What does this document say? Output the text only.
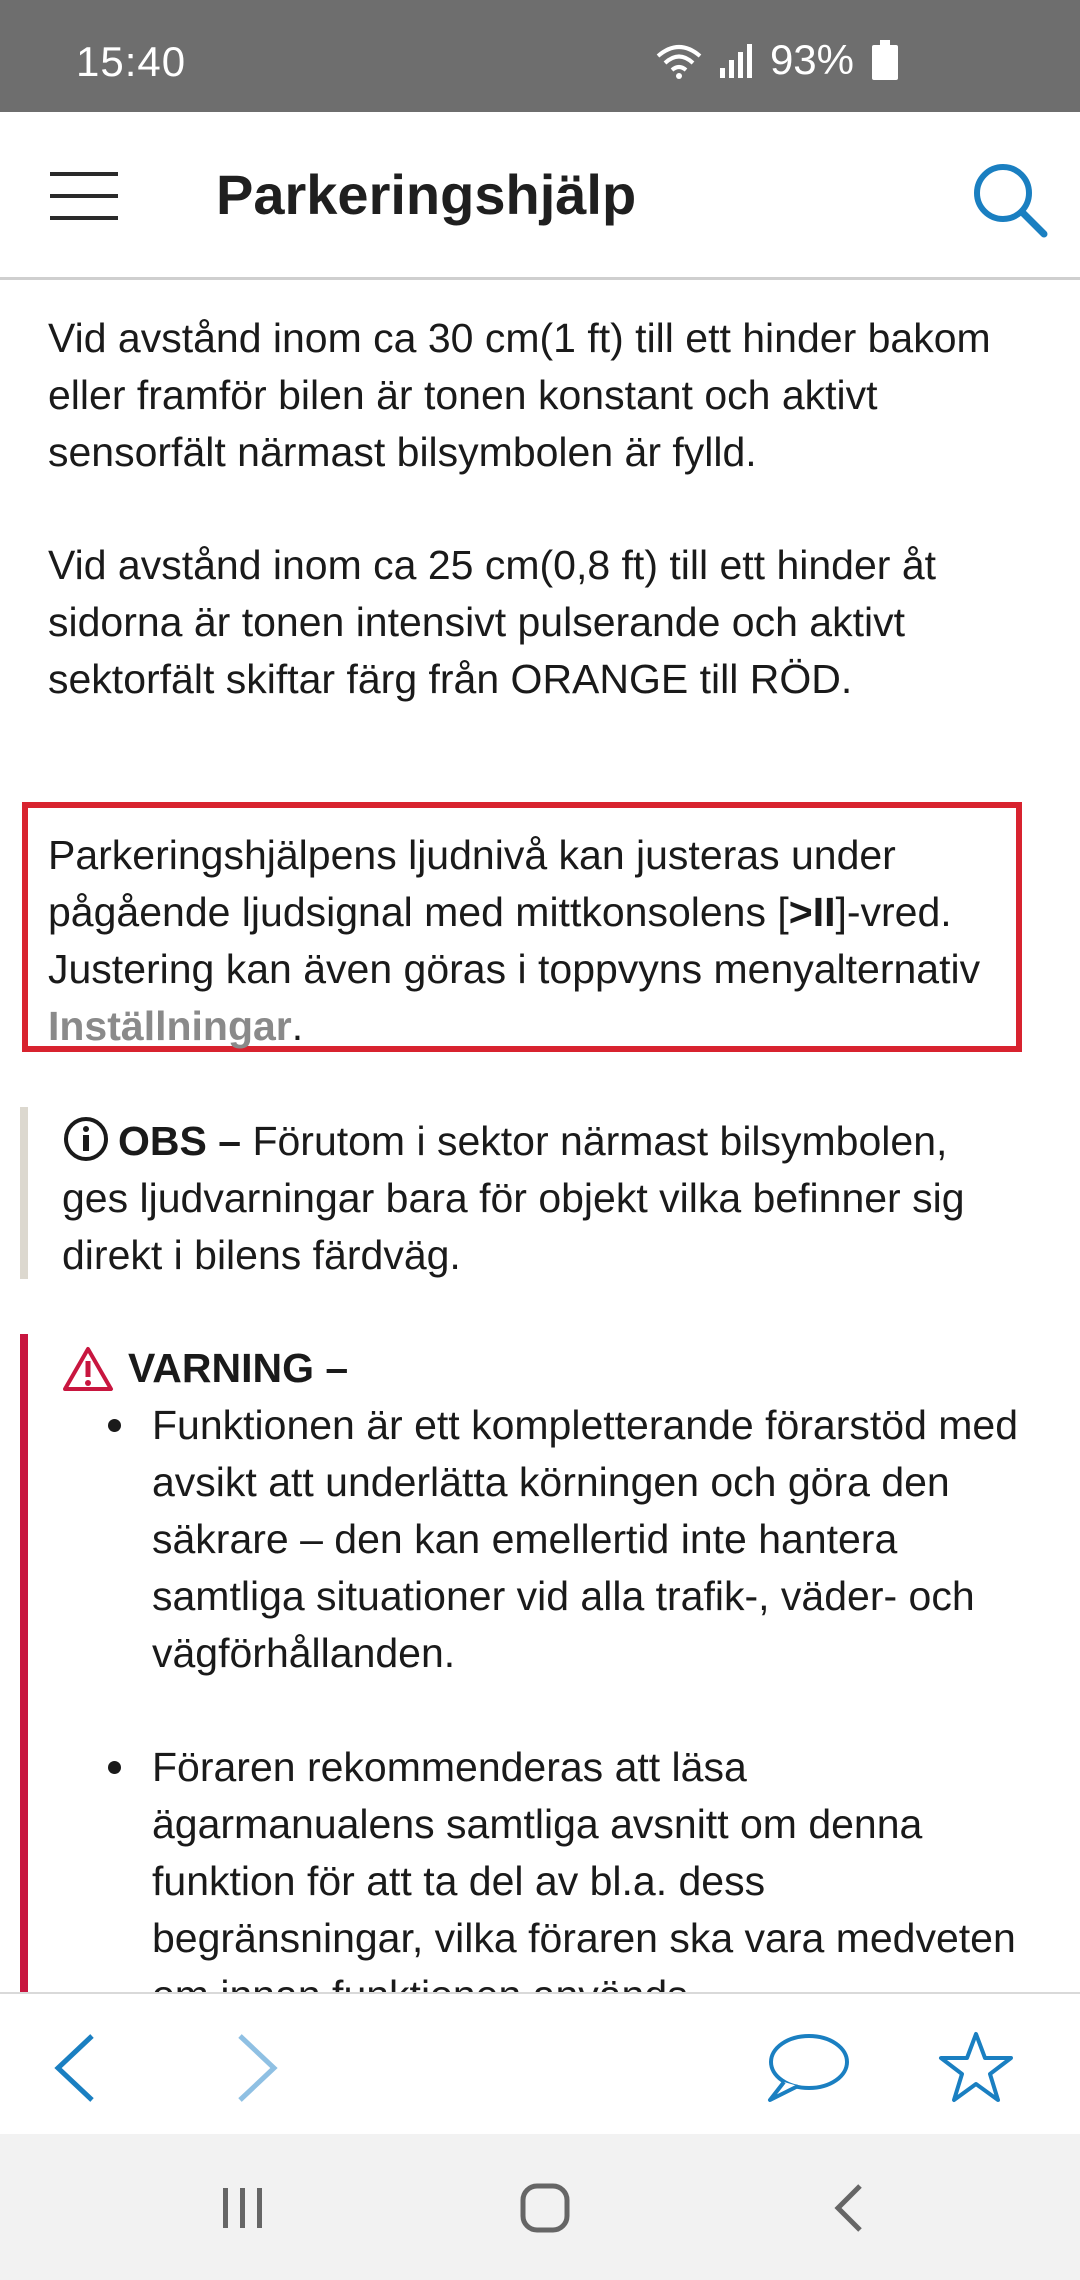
15:40	93%
Parkeringshjälp

Vid avstånd inom ca 30 cm(1 ft) till ett hinder bakom eller framför bilen är tonen konstant och aktivt sensorfält närmast bilsymbolen är fylld.

Vid avstånd inom ca 25 cm(0,8 ft) till ett hinder åt sidorna är tonen intensivt pulserande och aktivt sektorfält skiftar färg från ORANGE till RÖD.

Parkeringshjälpens ljudnivå kan justeras under pågående ljudsignal med mittkonsolens [>II]-vred. Justering kan även göras i toppvyns menyalternativ Inställningar.

OBS – Förutom i sektor närmast bilsymbolen, ges ljudvarningar bara för objekt vilka befinner sig direkt i bilens färdväg.

VARNING –
Funktionen är ett kompletterande förarstöd med avsikt att underlätta körningen och göra den säkrare – den kan emellertid inte hantera samtliga situationer vid alla trafik-, väder- och vägförhållanden.
Föraren rekommenderas att läsa ägarmanualens samtliga avsnitt om denna funktion för att ta del av bl.a. dess begränsningar, vilka föraren ska vara medveten
